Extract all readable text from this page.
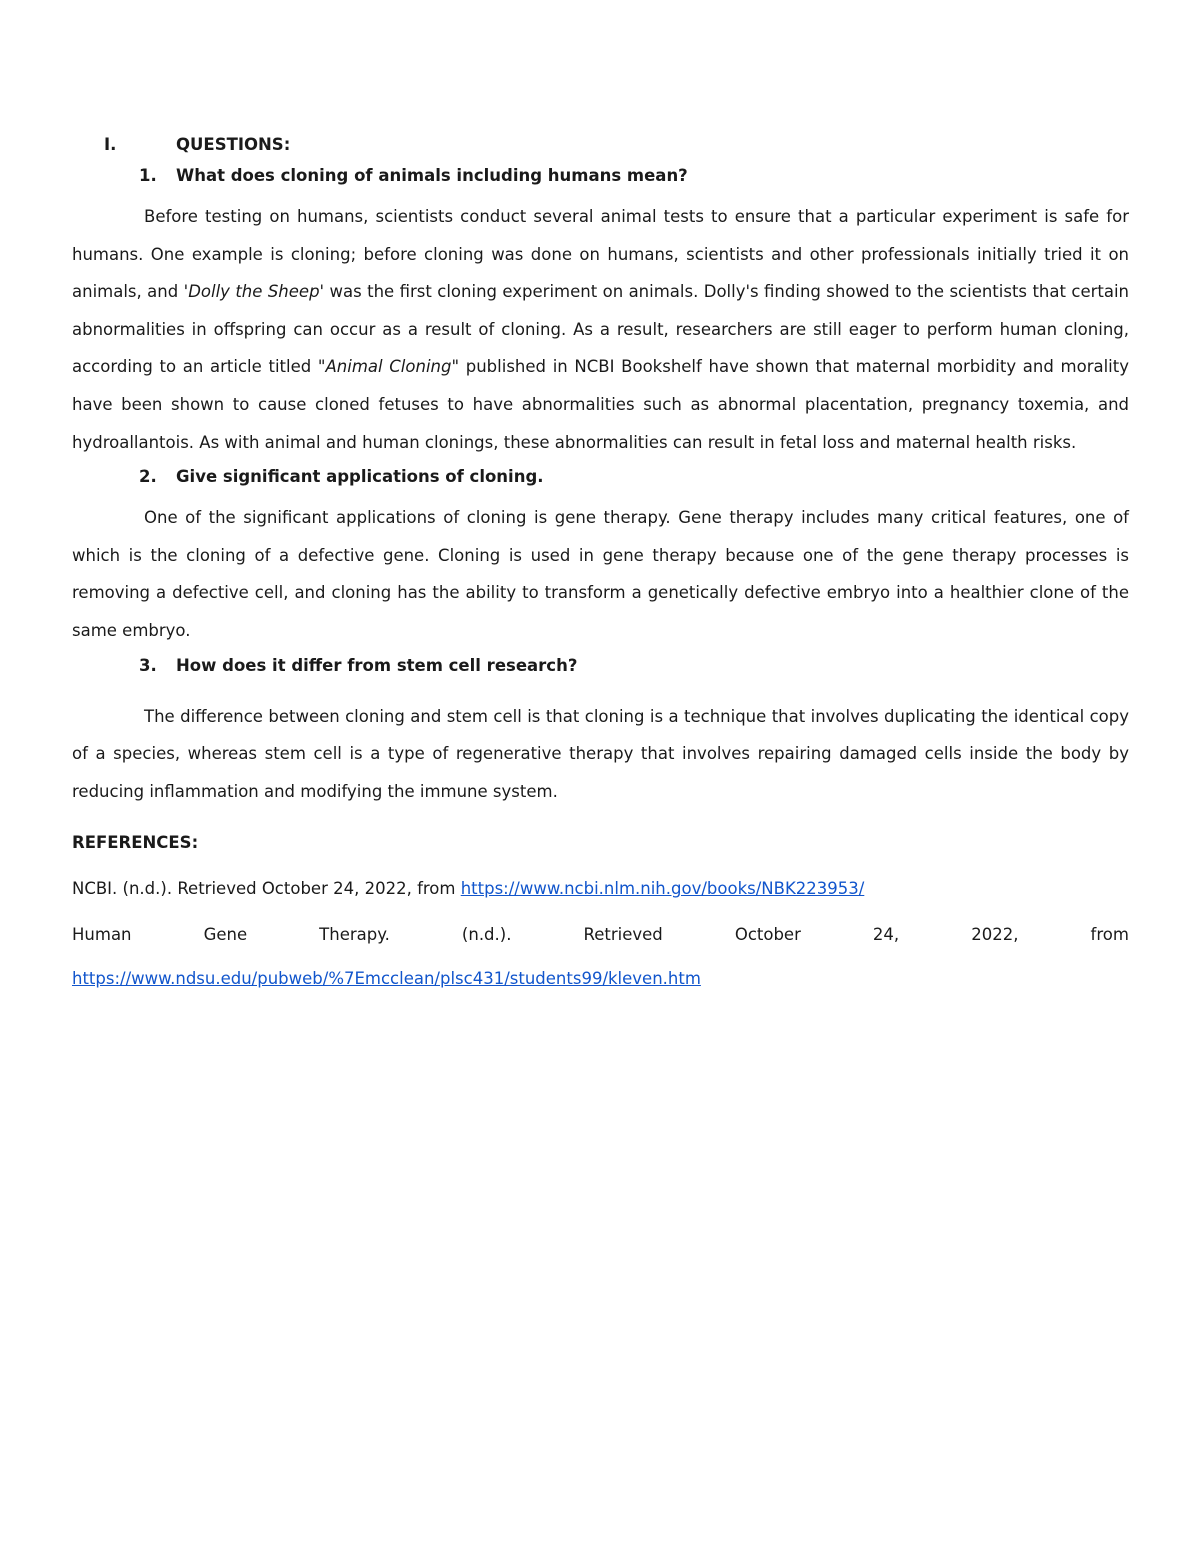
I.	QUESTIONS:
1. What does cloning of animals including humans mean?

Before testing on humans, scientists conduct several animal tests to ensure that a particular experiment is safe for humans. One example is cloning; before cloning was done on humans, scientists and other professionals initially tried it on animals, and 'Dolly the Sheep' was the first cloning experiment on animals. Dolly's finding showed to the scientists that certain abnormalities in offspring can occur as a result of cloning. As a result, researchers are still eager to perform human cloning, according to an article titled "Animal Cloning" published in NCBI Bookshelf have shown that maternal morbidity and morality have been shown to cause cloned fetuses to have abnormalities such as abnormal placentation, pregnancy toxemia, and hydroallantois. As with animal and human clonings, these abnormalities can result in fetal loss and maternal health risks.

2. Give significant applications of cloning.

One of the significant applications of cloning is gene therapy. Gene therapy includes many critical features, one of which is the cloning of a defective gene. Cloning is used in gene therapy because one of the gene therapy processes is removing a defective cell, and cloning has the ability to transform a genetically defective embryo into a healthier clone of the same embryo.

3. How does it differ from stem cell research?

The difference between cloning and stem cell is that cloning is a technique that involves duplicating the identical copy of a species, whereas stem cell is a type of regenerative therapy that involves repairing damaged cells inside the body by reducing inflammation and modifying the immune system.

REFERENCES:

NCBI. (n.d.). Retrieved October 24, 2022, from https://www.ncbi.nlm.nih.gov/books/NBK223953/

Human	Gene	Therapy.	(n.d.).	Retrieved	October	24,	2022,	from

https://www.ndsu.edu/pubweb/%7Emcclean/plsc431/students99/kleven.htm
